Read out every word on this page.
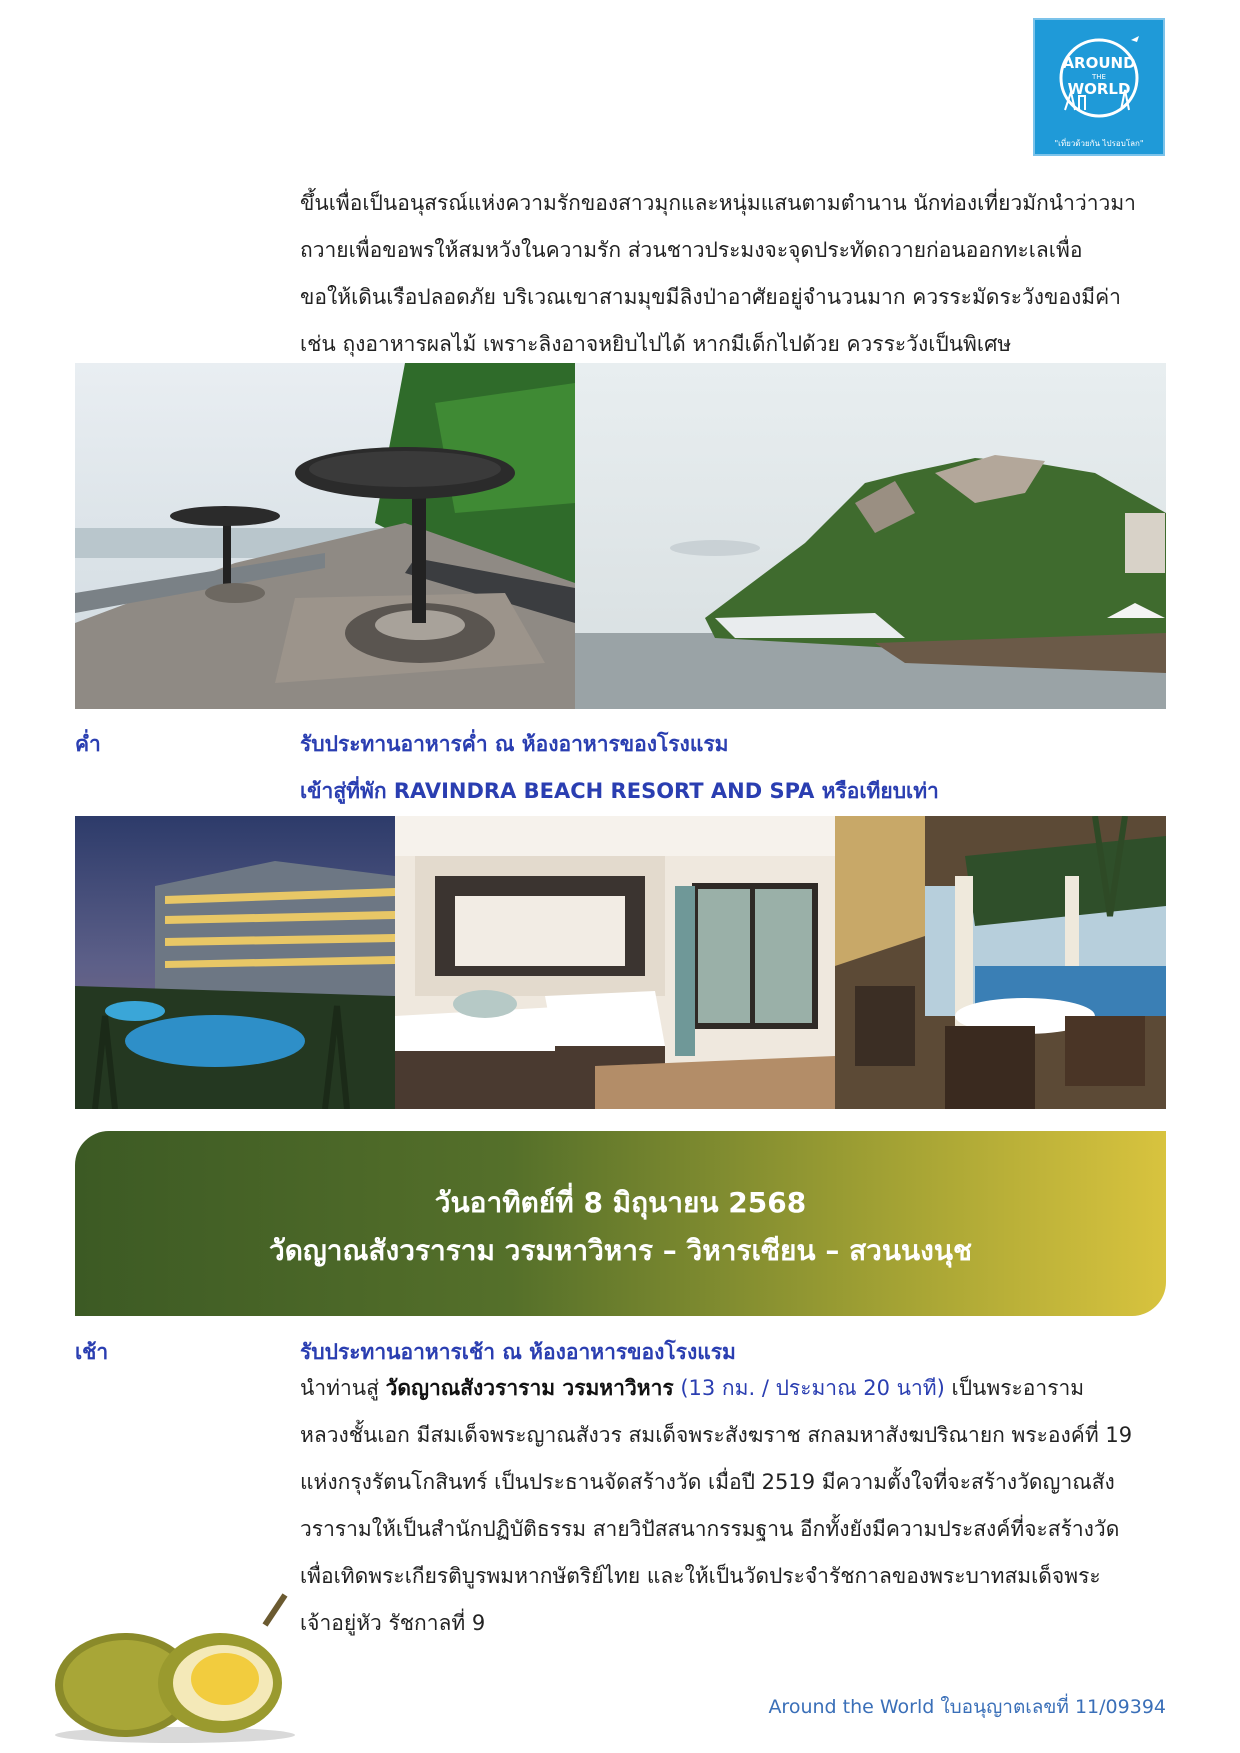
AROUND
THE
WORLD
"เที่ยวด้วยกัน ไปรอบโลก"
ขึ้นเพื่อเป็นอนุสรณ์แห่งความรักของสาวมุกและหนุ่มแสนตามตำนาน นักท่องเที่ยวมักนำว่าวมา
ถวายเพื่อขอพรให้สมหวังในความรัก ส่วนชาวประมงจะจุดประทัดถวายก่อนออกทะเลเพื่อ
ขอให้เดินเรือปลอดภัย บริเวณเขาสามมุขมีลิงป่าอาศัยอยู่จำนวนมาก ควรระมัดระวังของมีค่า
เช่น ถุงอาหารผลไม้ เพราะลิงอาจหยิบไปได้ หากมีเด็กไปด้วย ควรระวังเป็นพิเศษ
ค่ำ	รับประทานอาหารค่ำ ณ ห้องอาหารของโรงแรม
เข้าสู่ที่พัก RAVINDRA BEACH RESORT AND SPA หรือเทียบเท่า
วันอาทิตย์ที่ 8 มิถุนายน 2568
วัดญาณสังวราราม วรมหาวิหาร – วิหารเซียน – สวนนงนุช
เช้า	รับประทานอาหารเช้า ณ ห้องอาหารของโรงแรม
นำท่านสู่ วัดญาณสังวราราม วรมหาวิหาร (13 กม. / ประมาณ 20 นาที) เป็นพระอาราม
หลวงชั้นเอก มีสมเด็จพระญาณสังวร สมเด็จพระสังฆราช สกลมหาสังฆปริณายก พระองค์ที่ 19
แห่งกรุงรัตนโกสินทร์ เป็นประธานจัดสร้างวัด เมื่อปี 2519 มีความตั้งใจที่จะสร้างวัดญาณสัง
วรารามให้เป็นสำนักปฏิบัติธรรม สายวิปัสสนากรรมฐาน อีกทั้งยังมีความประสงค์ที่จะสร้างวัด
เพื่อเทิดพระเกียรติบูรพมหากษัตริย์ไทย และให้เป็นวัดประจำรัชกาลของพระบาทสมเด็จพระ
เจ้าอยู่หัว รัชกาลที่ 9
Around the World ใบอนุญาตเลขที่ 11/09394
